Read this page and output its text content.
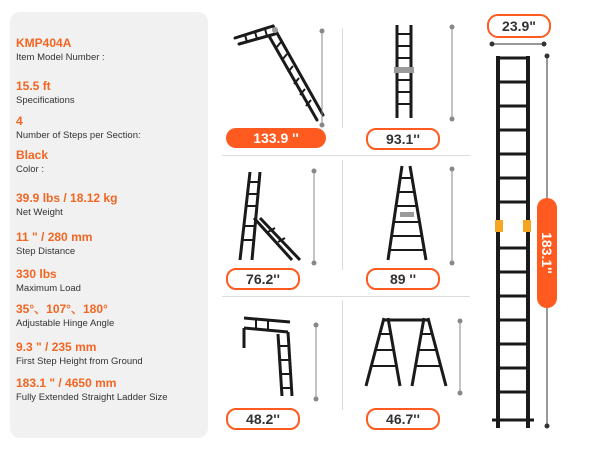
KMP404A
Item Model Number :
15.5 ft
Specifications
4
Number of Steps per Section:
Black
Color :
39.9 lbs / 18.12 kg
Net Weight
11 " / 280 mm
Step Distance
330 lbs
Maximum Load
35°、107°、180°
Adjustable Hinge Angle
9.3 " / 235 mm
First Step Height from Ground
183.1 " / 4650 mm
Fully Extended Straight Ladder Size
133.9 ''	93.1''
76.2''	89 ''
48.2''	46.7''
23.9"
183.1''
